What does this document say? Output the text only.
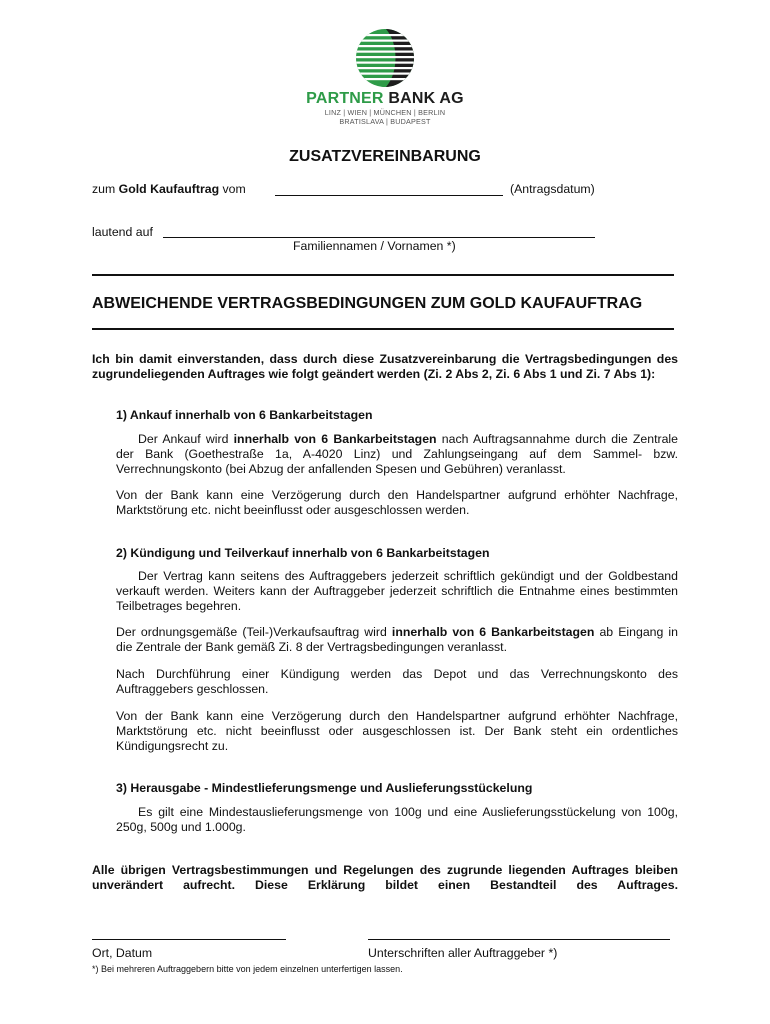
PARTNER BANK AG
LINZ | WIEN | MÜNCHEN | BERLIN
BRATISLAVA | BUDAPEST
ZUSATZVEREINBARUNG
zum Gold Kaufauftrag vom	(Antragsdatum)
lautend auf
Familiennamen / Vornamen *)
ABWEICHENDE VERTRAGSBEDINGUNGEN ZUM GOLD KAUFAUFTRAG
Ich bin damit einverstanden, dass durch diese Zusatzvereinbarung die Vertragsbedingungen des zugrundeliegenden Auftrages wie folgt geändert werden (Zi. 2 Abs 2, Zi. 6 Abs 1 und Zi. 7 Abs 1):
1) Ankauf innerhalb von 6 Bankarbeitstagen
Der Ankauf wird innerhalb von 6 Bankarbeitstagen nach Auftragsannahme durch die Zentrale der Bank (Goethestraße 1a, A-4020 Linz) und Zahlungseingang auf dem Sammel- bzw. Verrechnungskonto (bei Abzug der anfallenden Spesen und Gebühren) veranlasst.
Von der Bank kann eine Verzögerung durch den Handelspartner aufgrund erhöhter Nachfrage, Marktstörung etc. nicht beeinflusst oder ausgeschlossen werden.
2) Kündigung und Teilverkauf innerhalb von 6 Bankarbeitstagen
Der Vertrag kann seitens des Auftraggebers jederzeit schriftlich gekündigt und der Goldbestand verkauft werden. Weiters kann der Auftraggeber jederzeit schriftlich die Entnahme eines bestimmten Teilbetrages begehren.
Der ordnungsgemäße (Teil-)Verkaufsauftrag wird innerhalb von 6 Bankarbeitstagen ab Eingang in die Zentrale der Bank gemäß Zi. 8 der Vertragsbedingungen veranlasst.
Nach Durchführung einer Kündigung werden das Depot und das Verrechnungskonto des Auftraggebers geschlossen.
Von der Bank kann eine Verzögerung durch den Handelspartner aufgrund erhöhter Nachfrage, Marktstörung etc. nicht beeinflusst oder ausgeschlossen ist. Der Bank steht ein ordentliches Kündigungsrecht zu.
3) Herausgabe - Mindestlieferungsmenge und Auslieferungsstückelung
Es gilt eine Mindestauslieferungsmenge von 100g und eine Auslieferungsstückelung von 100g, 250g, 500g und 1.000g.
Alle übrigen Vertragsbestimmungen und Regelungen des zugrunde liegenden Auftrages bleiben unverändert aufrecht. Diese Erklärung bildet einen Bestandteil des Auftrages.
Ort, Datum	Unterschriften aller Auftraggeber *)
*) Bei mehreren Auftraggebern bitte von jedem einzelnen unterfertigen lassen.
